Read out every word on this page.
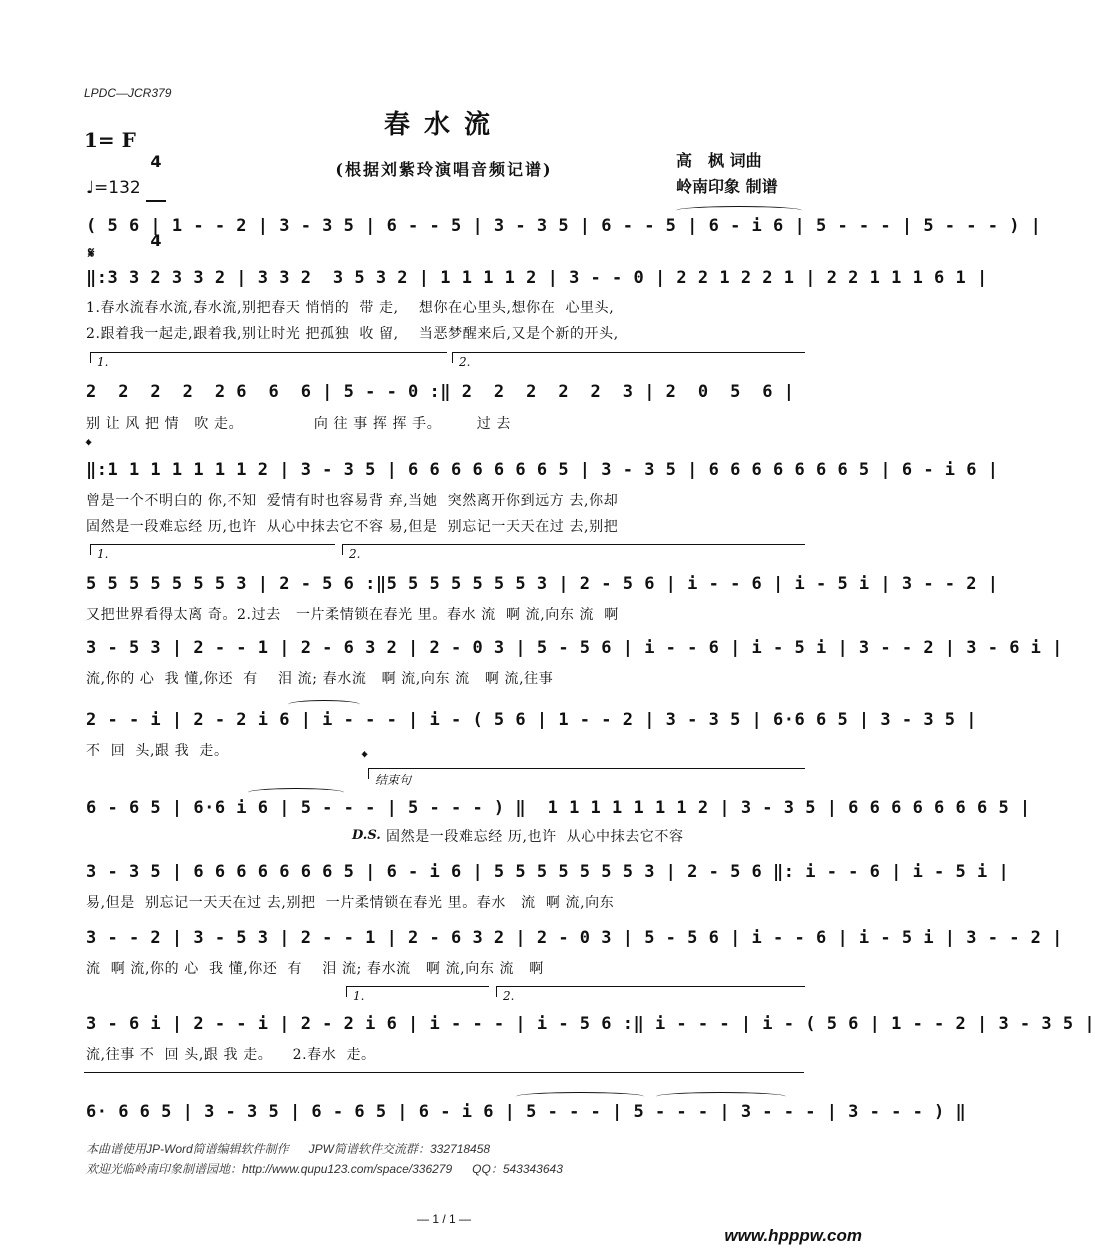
LPDC—JCR379
春水流
1= F

4

4

♩=132
(根据刘紫玲演唱音频记谱)	高　枫 词曲
岭南印象 制谱
( 5 6 | 1 - - 2 | 3 - 3 5 | 6 - - 5 | 3 - 3 5 | 6 - - 5 | 6 - i 6 | 5 - - - | 5 - - - ) |
𝄋
‖:3 3 2 3 3 2 | 3 3 2  3 5 3 2 | 1 1 1 1 2 | 3 - - 0 | 2 2 1 2 2 1 | 2 2 1 1 1 6 1 |
1.春水流春水流,春水流,别把春天 悄悄的  带 走,    想你在心里头,想你在  心里头,
2.跟着我一起走,跟着我,别让时光 把孤独  收 留,    当恶梦醒来后,又是个新的开头,
1.	2.
2  2  2  2  2 6  6  6 | 5 - - 0 :‖ 2  2  2  2  2  3 | 2  0  5  6 |
别 让 风 把 情   吹 走。              向 往 事 挥 挥 手。       过 去
𝄌
‖:1 1 1 1 1 1 1 2 | 3 - 3 5 | 6 6 6 6 6 6 6 5 | 3 - 3 5 | 6 6 6 6 6 6 6 5 | 6 - i 6 |
曾是一个不明白的 你,不知  爱情有时也容易背 弃,当她  突然离开你到远方 去,你却
固然是一段难忘经 历,也许  从心中抹去它不容 易,但是  别忘记一天天在过 去,别把
1.	2.
5 5 5 5 5 5 5 3 | 2 - 5 6 :‖5 5 5 5 5 5 5 3 | 2 - 5 6 | i - - 6 | i - 5 i | 3 - - 2 |
又把世界看得太离 奇。2.过去   一片柔情锁在春光 里。春水 流  啊 流,向东 流  啊
3 - 5 3 | 2 - - 1 | 2 - 6 3 2 | 2 - 0 3 | 5 - 5 6 | i - - 6 | i - 5 i | 3 - - 2 | 3 - 6 i |
流,你的 心  我 懂,你还  有    泪 流; 春水流   啊 流,向东 流   啊 流,往事
2 - - i | 2 - 2 i 6 | i - - - | i - ( 5 6 | 1 - - 2 | 3 - 3 5 | 6·6 6 5 | 3 - 3 5 |
不  回  头,跟 我  走。	𝄌
结束句
6 - 6 5 | 6·6 i 6 | 5 - - - | 5 - - - ) ‖  1 1 1 1 1 1 1 2 | 3 - 3 5 | 6 6 6 6 6 6 6 5 |
D.S. 固然是一段难忘经 历,也许  从心中抹去它不容
3 - 3 5 | 6 6 6 6 6 6 6 5 | 6 - i 6 | 5 5 5 5 5 5 5 3 | 2 - 5 6 ‖: i - - 6 | i - 5 i |
易,但是  别忘记一天天在过 去,别把  一片柔情锁在春光 里。春水   流  啊 流,向东
3 - - 2 | 3 - 5 3 | 2 - - 1 | 2 - 6 3 2 | 2 - 0 3 | 5 - 5 6 | i - - 6 | i - 5 i | 3 - - 2 |
流  啊 流,你的 心  我 懂,你还  有    泪 流; 春水流   啊 流,向东 流   啊
1.	2.
3 - 6 i | 2 - - i | 2 - 2 i 6 | i - - - | i - 5 6 :‖ i - - - | i - ( 5 6 | 1 - - 2 | 3 - 3 5 |
流,往事 不  回 头,跟 我 走。    2.春水  走。
6· 6 6 5 | 3 - 3 5 | 6 - 6 5 | 6 - i 6 | 5 - - - | 5 - - - | 3 - - - | 3 - - - ) ‖
本曲谱使用JP-Word简谱编辑软件制作      JPW简谱软件交流群：332718458
欢迎光临岭南印象制谱园地：http://www.qupu123.com/space/336279      QQ：543343643
— 1 / 1 —
www.hpppw.com
